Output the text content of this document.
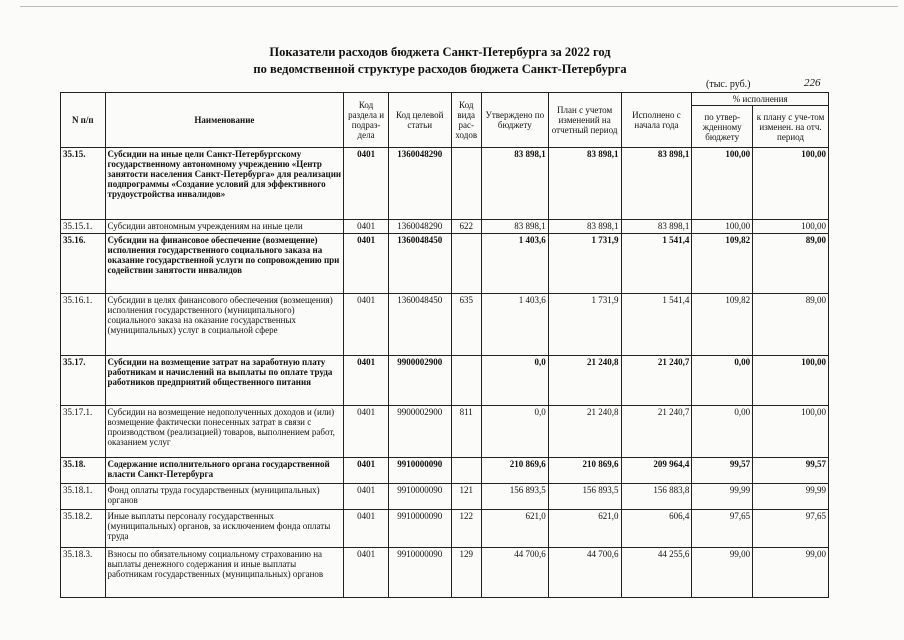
Показатели расходов бюджета Санкт-Петербурга за 2022 год
по ведомственной структуре расходов бюджета Санкт-Петербурга
(тыс. руб.)	226
N п/п	Наименование	Код раздела и подраз-дела	Код целевой статьи	Код вида рас-ходов	Утверждено по бюджету	План с учетом изменений на отчетный период	Исполнено с начала года	% исполнения	
								по утвер-жденному бюджету	к плану с уче-том изменен. на отч. период
35.15.	Субсидии на иные цели Санкт-Петербургскому государственному автономному учреждению «Центр занятости населения Санкт-Петербурга» для реализации подпрограммы «Создание условий для эффективного трудоустройства инвалидов»	0401	1360048290		83 898,1	83 898,1	83 898,1	100,00	100,00
35.15.1.	Субсидии автономным учреждениям на иные цели	0401	1360048290	622	83 898,1	83 898,1	83 898,1	100,00	100,00
35.16.	Субсидии на финансовое обеспечение (возмещение) исполнения государственного социального заказа на оказание государственной услуги по сопровождению при содействии занятости инвалидов	0401	1360048450		1 403,6	1 731,9	1 541,4	109,82	89,00
35.16.1.	Субсидии в целях финансового обеспечения (возмещения) исполнения государственного (муниципального) социального заказа на оказание государственных (муниципальных) услуг в социальной сфере	0401	1360048450	635	1 403,6	1 731,9	1 541,4	109,82	89,00
35.17.	Субсидии на возмещение затрат на заработную плату работникам и начислений на выплаты по оплате труда работников предприятий общественного питания	0401	9900002900		0,0	21 240,8	21 240,7	0,00	100,00
35.17.1.	Субсидии на возмещение недополученных доходов и (или) возмещение фактически понесенных затрат в связи с производством (реализацией) товаров, выполнением работ, оказанием услуг	0401	9900002900	811	0,0	21 240,8	21 240,7	0,00	100,00
35.18.	Содержание исполнительного органа государственной власти Санкт-Петербурга	0401	9910000090		210 869,6	210 869,6	209 964,4	99,57	99,57
35.18.1.	Фонд оплаты труда государственных (муниципальных) органов	0401	9910000090	121	156 893,5	156 893,5	156 883,8	99,99	99,99
35.18.2.	Иные выплаты персоналу государственных (муниципальных) органов, за исключением фонда оплаты труда	0401	9910000090	122	621,0	621,0	606,4	97,65	97,65
35.18.3.	Взносы по обязательному социальному страхованию на выплаты денежного содержания и иные выплаты работникам государственных (муниципальных) органов	0401	9910000090	129	44 700,6	44 700,6	44 255,6	99,00	99,00
